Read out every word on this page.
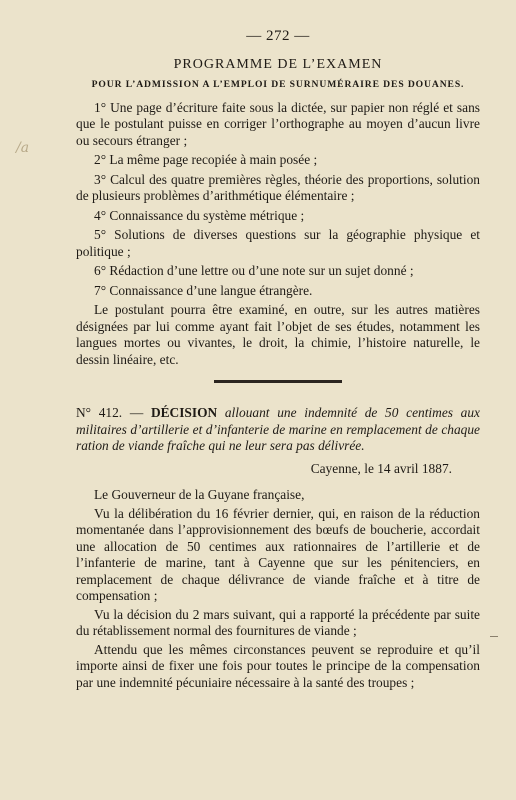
/a
— 272 —
PROGRAMME DE L’EXAMEN
POUR L’ADMISSION A L’EMPLOI DE SURNUMÉRAIRE DES DOUANES.

1° Une page d’écriture faite sous la dictée, sur papier non réglé et sans que le postulant puisse en corriger l’orthographe au moyen d’aucun livre ou secours étranger ;

2° La même page recopiée à main posée ;

3° Calcul des quatre premières règles, théorie des proportions, solution de plusieurs problèmes d’arithmétique élémentaire ;

4° Connaissance du système métrique ;

5° Solutions de diverses questions sur la géographie physique et politique ;

6° Rédaction d’une lettre ou d’une note sur un sujet donné ;

7° Connaissance d’une langue étrangère.

Le postulant pourra être examiné, en outre, sur les autres matières désignées par lui comme ayant fait l’objet de ses études, notamment les langues mortes ou vivantes, le droit, la chimie, l’histoire naturelle, le dessin linéaire, etc.

N° 412. — DÉCISION allouant une indemnité de 50 centimes aux militaires d’artillerie et d’infanterie de marine en remplacement de chaque ration de viande fraîche qui ne leur sera pas délivrée.

Cayenne, le 14 avril 1887.

Le Gouverneur de la Guyane française,

Vu la délibération du 16 février dernier, qui, en raison de la réduction momentanée dans l’approvisionnement des bœufs de boucherie, accordait une allocation de 50 centimes aux rationnaires de l’artillerie et de l’infanterie de marine, tant à Cayenne que sur les pénitenciers, en remplacement de chaque délivrance de viande fraîche et à titre de compensation ;

Vu la décision du 2 mars suivant, qui a rapporté la précédente par suite du rétablissement normal des fournitures de viande ;

Attendu que les mêmes circonstances peuvent se reproduire et qu’il importe ainsi de fixer une fois pour toutes le principe de la compensation par une indemnité pécuniaire nécessaire à la santé des troupes ;
